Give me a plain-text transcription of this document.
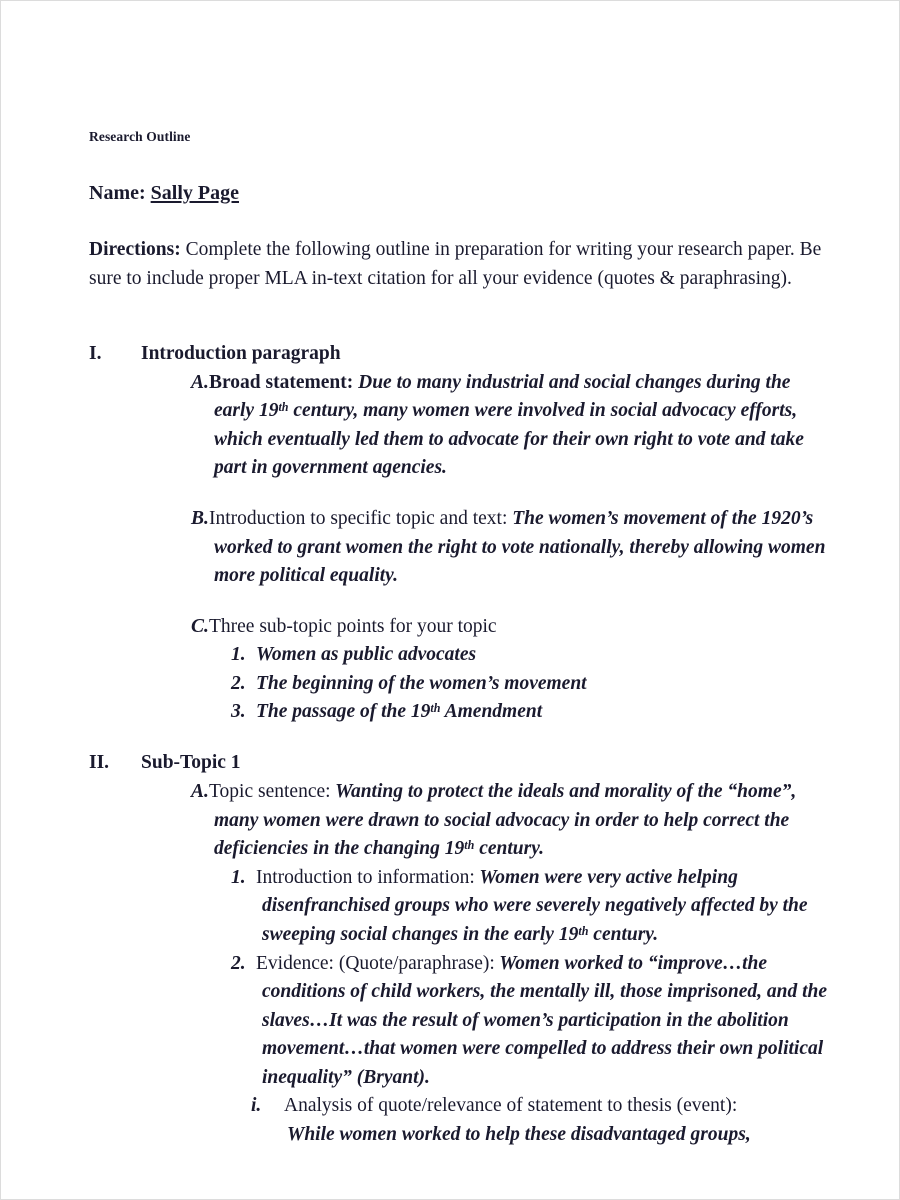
Research Outline
Name: Sally Page
Directions: Complete the following outline in preparation for writing your research paper. Be sure to include proper MLA in-text citation for all your evidence (quotes & paraphrasing).
I.	Introduction paragraph
A.Broad statement: Due to many industrial and social changes during the early 19th century, many women were involved in social advocacy efforts, which eventually led them to advocate for their own right to vote and take part in government agencies.
B.Introduction to specific topic and text: The women’s movement of the 1920’s worked to grant women the right to vote nationally, thereby allowing women more political equality.
C.Three sub-topic points for your topic
1. Women as public advocates
2. The beginning of the women’s movement
3. The passage of the 19th Amendment
II.	Sub-Topic 1
A.Topic sentence: Wanting to protect the ideals and morality of the “home”, many women were drawn to social advocacy in order to help correct the deficiencies in the changing 19th century.
1. Introduction to information: Women were very active helping disenfranchised groups who were severely negatively affected by the sweeping social changes in the early 19th century.
2. Evidence: (Quote/paraphrase): Women worked to “improve…the conditions of child workers, the mentally ill, those imprisoned, and the slaves…It was the result of women’s participation in the abolition movement…that women were compelled to address their own political inequality” (Bryant).
i. Analysis of quote/relevance of statement to thesis (event):
While women worked to help these disadvantaged groups,
